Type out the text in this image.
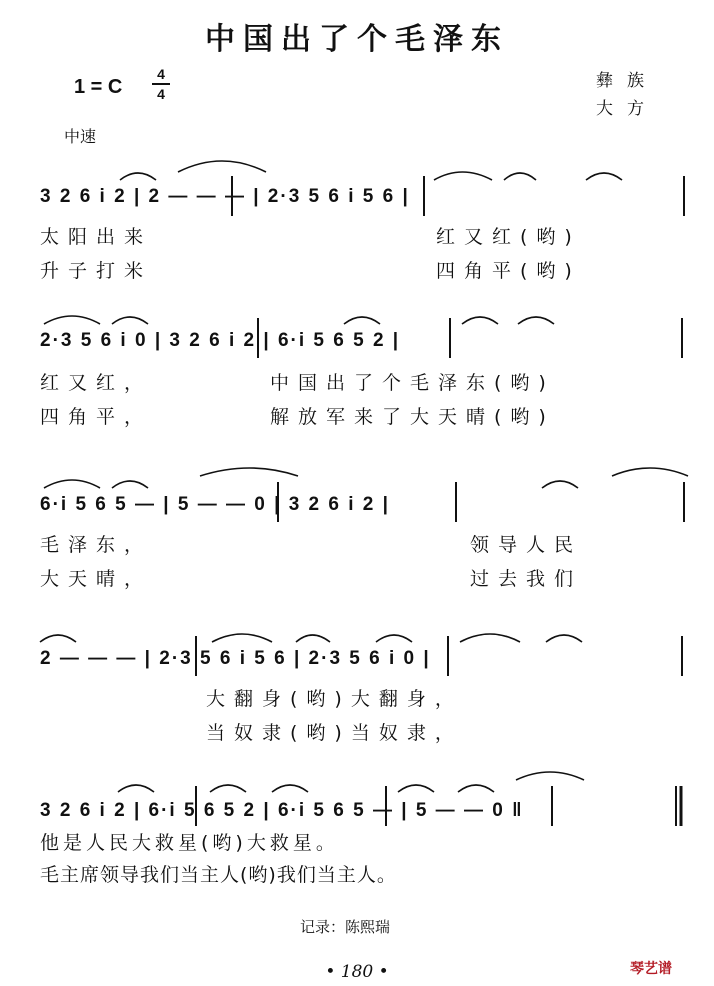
中国出了个毛泽东
1 = C
4
4
彝族
大方
中速
3 2 6 i 2 | 2 — — — | 2·3 5 6 i 5 6 |
太阳出来
升子打米
红又红(哟)
四角平(哟)
2·3 5 6 i 0 | 3 2 6 i 2 | 6·i 5 6 5 2 |
红又红，
四角平，
中国出了个毛泽东(哟)
解放军来了大天晴(哟)
6·i 5 6 5 — | 5 — — 0 | 3 2 6 i 2 |
毛泽东，
大天晴，
领导人民
过去我们
2 — — — | 2·3 5 6 i 5 6 | 2·3 5 6 i 0 |
大翻身(哟)大翻身，
当奴隶(哟)当奴隶，
3 2 6 i 2 | 6·i 5 6 5 2 | 6·i 5 6 5 — | 5 — — 0 ‖
他是人民大救星(哟)大救星。
毛主席领导我们当主人(哟)我们当主人。
记录：陈熙瑞
• 180 •	琴艺谱
